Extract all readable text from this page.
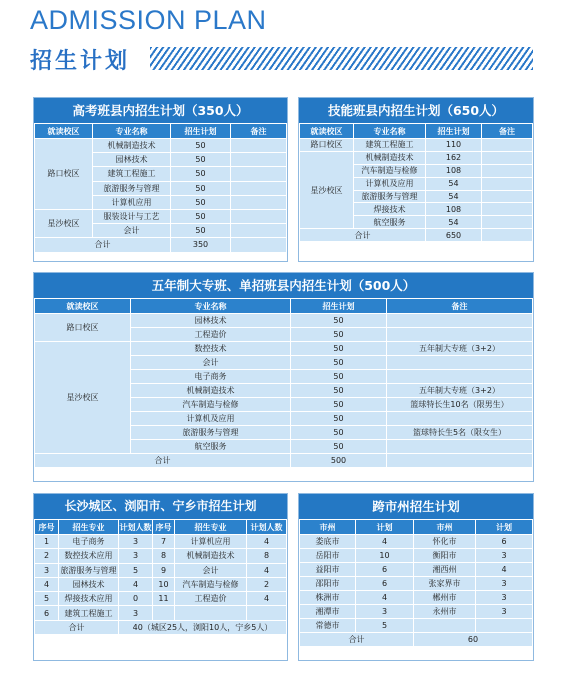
ADMISSION PLAN
招生计划
高考班县内招生计划（350人）
就读校区	专业名称	招生计划	备注
路口校区	机械制造技术	50	
	园林技术	50	
	建筑工程施工	50	
	旅游服务与管理	50	
	计算机应用	50	
星沙校区	服装设计与工艺	50	
	会计	50	
合计		350	
技能班县内招生计划（650人）
就读校区	专业名称	招生计划	备注
路口校区	建筑工程施工	110	
星沙校区	机械制造技术	162	
	汽车制造与检修	108	
	计算机及应用	54	
	旅游服务与管理	54	
	焊接技术	108	
	航空服务	54	
合计		650	
五年制大专班、单招班县内招生计划（500人）
就读校区	专业名称	招生计划	备注
路口校区	园林技术	50	
	工程造价	50	
星沙校区	数控技术	50	五年制大专班（3+2）
	会计	50	
	电子商务	50	
	机械制造技术	50	五年制大专班（3+2）
	汽车制造与检修	50	篮球特长生10名（限男生）
	计算机及应用	50	
	旅游服务与管理	50	篮球特长生5名（限女生）
	航空服务	50	
合计		500	
长沙城区、浏阳市、宁乡市招生计划
序号	招生专业	计划人数	序号	招生专业	计划人数
1	电子商务	3	7	计算机应用	4
2	数控技术应用	3	8	机械制造技术	8
3	旅游服务与管理	5	9	会计	4
4	园林技术	4	10	汽车制造与检修	2
5	焊接技术应用	0	11	工程造价	4
6	建筑工程施工	3			
合计		40（城区25人，浏阳10人，宁乡5人）			
跨市州招生计划
市州	计划	市州	计划
娄底市	4	怀化市	6
岳阳市	10	衡阳市	3
益阳市	6	湘西州	4
邵阳市	6	张家界市	3
株洲市	4	郴州市	3
湘潭市	3	永州市	3
常德市	5		
合计		60	
